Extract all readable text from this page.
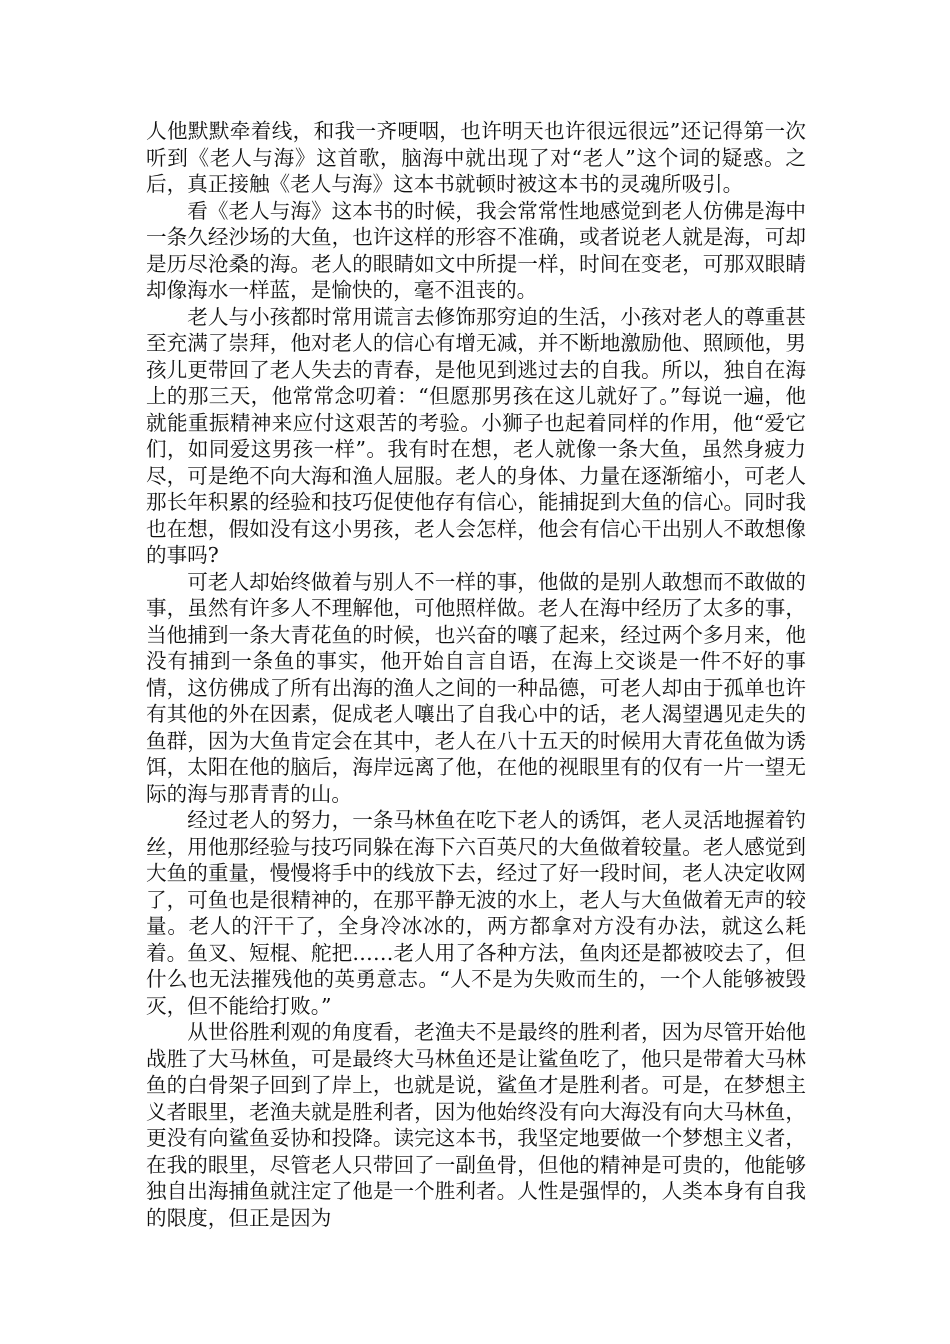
人他默默牵着线，和我一齐哽咽，也许明天也许很远很远”还记得第一次听到《老人与海》这首歌，脑海中就出现了对“老人”这个词的疑惑。之后，真正接触《老人与海》这本书就顿时被这本书的灵魂所吸引。

看《老人与海》这本书的时候，我会常常性地感觉到老人仿佛是海中一条久经沙场的大鱼，也许这样的形容不准确，或者说老人就是海，可却是历尽沧桑的海。老人的眼睛如文中所提一样，时间在变老，可那双眼睛却像海水一样蓝，是愉快的，毫不沮丧的。

老人与小孩都时常用谎言去修饰那穷迫的生活，小孩对老人的尊重甚至充满了崇拜，他对老人的信心有增无减，并不断地激励他、照顾他，男孩儿更带回了老人失去的青春，是他见到逃过去的自我。所以，独自在海上的那三天，他常常念叨着：“但愿那男孩在这儿就好了。”每说一遍，他就能重振精神来应付这艰苦的考验。小狮子也起着同样的作用，他“爱它们，如同爱这男孩一样”。我有时在想，老人就像一条大鱼，虽然身疲力尽，可是绝不向大海和渔人屈服。老人的身体、力量在逐渐缩小，可老人那长年积累的经验和技巧促使他存有信心，能捕捉到大鱼的信心。同时我也在想，假如没有这小男孩，老人会怎样，他会有信心干出别人不敢想像的事吗?

可老人却始终做着与别人不一样的事，他做的是别人敢想而不敢做的事，虽然有许多人不理解他，可他照样做。老人在海中经历了太多的事，当他捕到一条大青花鱼的时候，也兴奋的嚷了起来，经过两个多月来，他没有捕到一条鱼的事实，他开始自言自语，在海上交谈是一件不好的事情，这仿佛成了所有出海的渔人之间的一种品德，可老人却由于孤单也许有其他的外在因素，促成老人嚷出了自我心中的话，老人渴望遇见走失的鱼群，因为大鱼肯定会在其中，老人在八十五天的时候用大青花鱼做为诱饵，太阳在他的脑后，海岸远离了他，在他的视眼里有的仅有一片一望无际的海与那青青的山。

经过老人的努力，一条马林鱼在吃下老人的诱饵，老人灵活地握着钓丝，用他那经验与技巧同躲在海下六百英尺的大鱼做着较量。老人感觉到大鱼的重量，慢慢将手中的线放下去，经过了好一段时间，老人决定收网了，可鱼也是很精神的，在那平静无波的水上，老人与大鱼做着无声的较量。老人的汗干了，全身冷冰冰的，两方都拿对方没有办法，就这么耗着。鱼叉、短棍、舵把……老人用了各种方法，鱼肉还是都被咬去了，但什么也无法摧残他的英勇意志。“人不是为失败而生的，一个人能够被毁灭，但不能给打败。”

从世俗胜利观的角度看，老渔夫不是最终的胜利者，因为尽管开始他战胜了大马林鱼，可是最终大马林鱼还是让鲨鱼吃了，他只是带着大马林鱼的白骨架子回到了岸上，也就是说，鲨鱼才是胜利者。可是，在梦想主义者眼里，老渔夫就是胜利者，因为他始终没有向大海没有向大马林鱼，更没有向鲨鱼妥协和投降。读完这本书，我坚定地要做一个梦想主义者，在我的眼里，尽管老人只带回了一副鱼骨，但他的精神是可贵的，他能够独自出海捕鱼就注定了他是一个胜利者。人性是强悍的，人类本身有自我的限度，但正是因为
